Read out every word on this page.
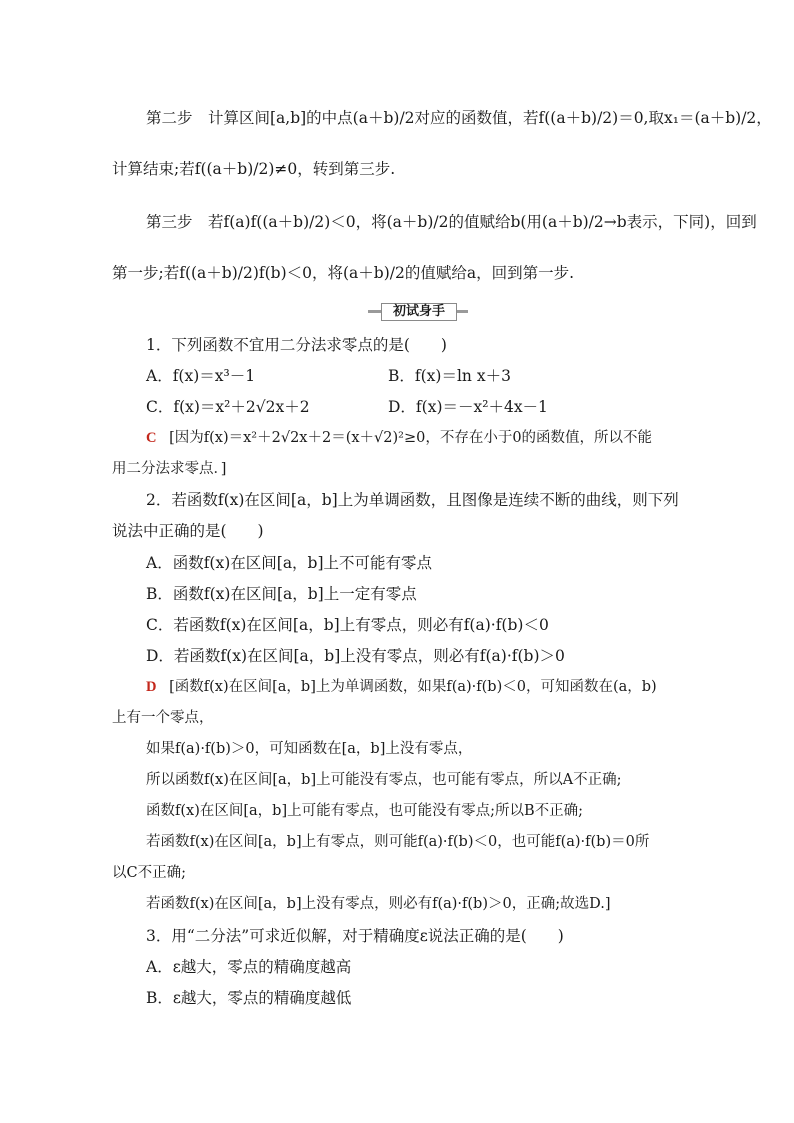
第二步　计算区间[a,b]的中点(a＋b)/2对应的函数值，若f((a＋b)/2)＝0,取x₁＝(a＋b)/2，
计算结束;若f((a＋b)/2)≠0，转到第三步.
第三步　若f(a)f((a＋b)/2)＜0，将(a＋b)/2的值赋给b(用(a＋b)/2→b表示，下同)，回到
第一步;若f((a＋b)/2)f(b)＜0，将(a＋b)/2的值赋给a，回到第一步.
初试身手
1．下列函数不宜用二分法求零点的是(　　)
A．f(x)＝x³－1	B．f(x)＝ln x＋3
C．f(x)＝x²＋2√2x＋2	D．f(x)＝－x²＋4x－1
C [因为f(x)＝x²＋2√2x＋2＝(x＋√2)²≥0，不存在小于0的函数值，所以不能
用二分法求零点．]
2．若函数f(x)在区间[a，b]上为单调函数，且图像是连续不断的曲线，则下列
说法中正确的是(　　)
A．函数f(x)在区间[a，b]上不可能有零点
B．函数f(x)在区间[a，b]上一定有零点
C．若函数f(x)在区间[a，b]上有零点，则必有f(a)·f(b)＜0
D．若函数f(x)在区间[a，b]上没有零点，则必有f(a)·f(b)＞0
D [函数f(x)在区间[a，b]上为单调函数，如果f(a)·f(b)＜0，可知函数在(a，b)
上有一个零点，
如果f(a)·f(b)＞0，可知函数在[a，b]上没有零点，
所以函数f(x)在区间[a，b]上可能没有零点，也可能有零点，所以A不正确;
函数f(x)在区间[a，b]上可能有零点，也可能没有零点;所以B不正确;
若函数f(x)在区间[a，b]上有零点，则可能f(a)·f(b)＜0，也可能f(a)·f(b)＝0所
以C不正确;
若函数f(x)在区间[a，b]上没有零点，则必有f(a)·f(b)＞0，正确;故选D.]
3．用“二分法”可求近似解，对于精确度ε说法正确的是(　　)
A．ε越大，零点的精确度越高
B．ε越大，零点的精确度越低
